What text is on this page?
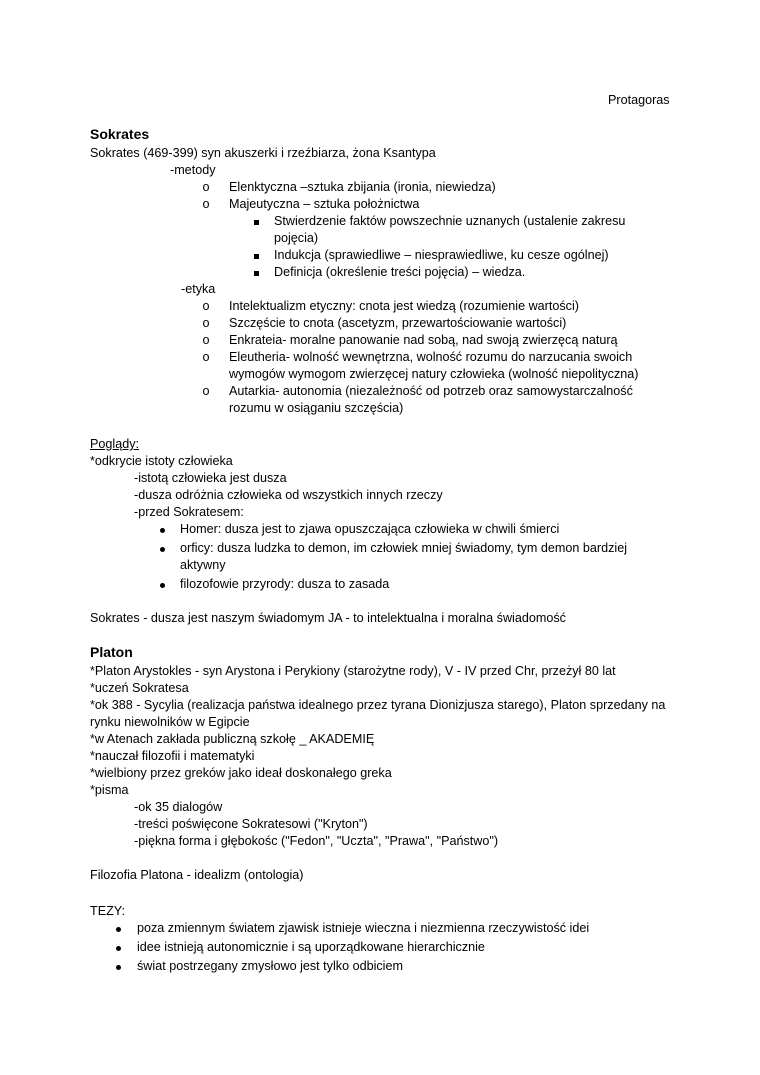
Protagoras
Sokrates
Sokrates (469-399) syn akuszerki i rzeźbiarza, żona Ksantypa
-metody
o Elenktyczna –sztuka zbijania (ironia, niewiedza)
o Majeutyczna – sztuka położnictwa
Stwierdzenie faktów powszechnie uznanych (ustalenie zakresu
pojęcia)
Indukcja (sprawiedliwe – niesprawiedliwe, ku cesze ogólnej)
Definicja (określenie treści pojęcia) – wiedza.
-etyka
o Intelektualizm etyczny: cnota jest wiedzą (rozumienie wartości)
o Szczęście to cnota (ascetyzm, przewartościowanie wartości)
o Enkrateia- moralne panowanie nad sobą, nad swoją zwierzęcą naturą
o Eleutheria- wolność wewnętrzna, wolność rozumu do narzucania swoich
wymogów wymogom zwierzęcej natury człowieka (wolność niepolityczna)
o Autarkia- autonomia (niezależność od potrzeb oraz samowystarczalność
rozumu w osiąganiu szczęścia)
Poglądy:
*odkrycie istoty człowieka
-istotą człowieka jest dusza
-dusza odróżnia człowieka od wszystkich innych rzeczy
-przed Sokratesem:
Homer: dusza jest to zjawa opuszczająca człowieka w chwili śmierci
orficy: dusza ludzka to demon, im człowiek mniej świadomy, tym demon bardziej
aktywny
filozofowie przyrody: dusza to zasada
Sokrates - dusza jest naszym świadomym JA - to intelektualna i moralna świadomość
Platon
*Platon Arystokles - syn Arystona i Perykiony (starożytne rody), V - IV przed Chr, przeżył 80 lat
*uczeń Sokratesa
*ok 388 - Sycylia (realizacja państwa idealnego przez tyrana Dionizjusza starego), Platon sprzedany na
rynku niewolników w Egipcie
*w Atenach zakłada publiczną szkołę _ AKADEMIĘ
*nauczał filozofii i matematyki
*wielbiony przez greków jako ideał doskonałego greka
*pisma
-ok 35 dialogów
-treści poświęcone Sokratesowi ("Kryton")
-piękna forma i głębokośc ("Fedon", "Uczta", "Prawa", "Państwo")
Filozofia Platona - idealizm (ontologia)
TEZY:
poza zmiennym światem zjawisk istnieje wieczna i niezmienna rzeczywistość idei
idee istnieją autonomicznie i są uporządkowane hierarchicznie
świat postrzegany zmysłowo jest tylko odbiciem
